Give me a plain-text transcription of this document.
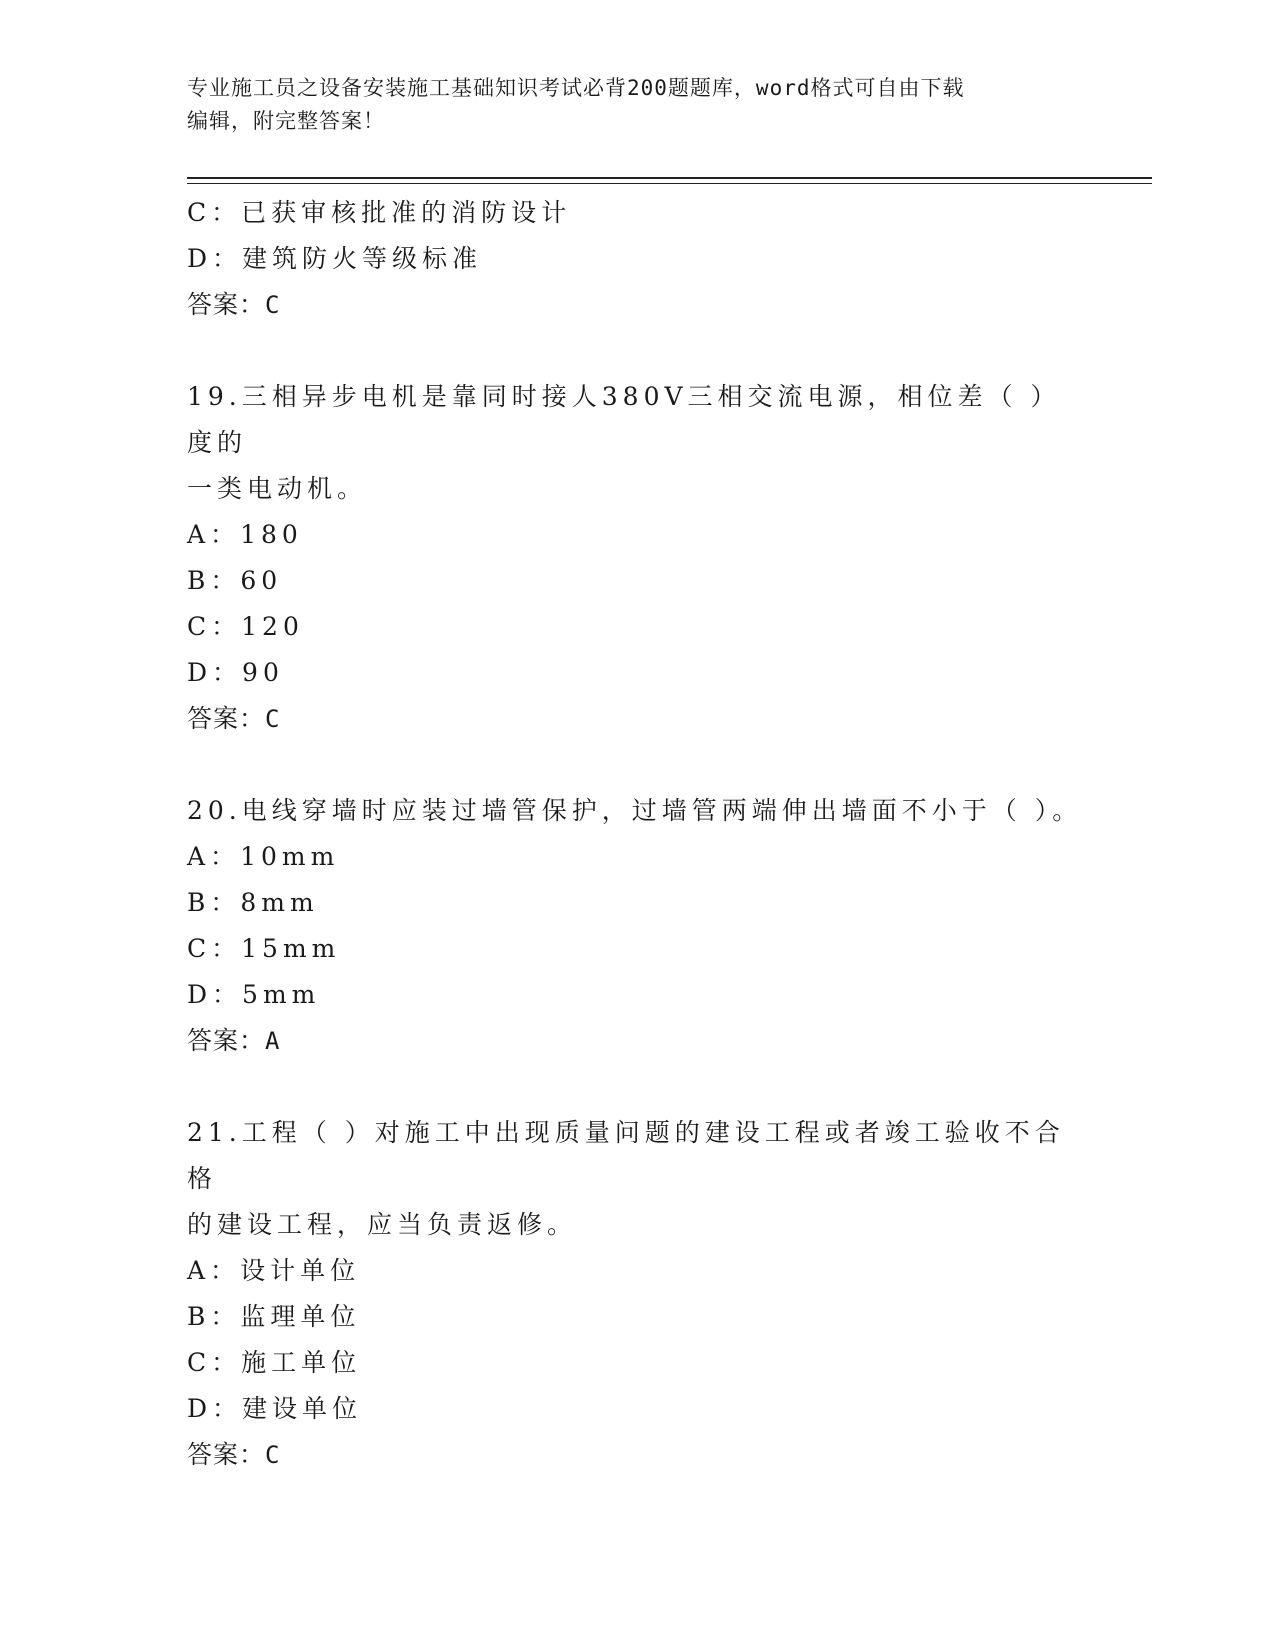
专业施工员之设备安装施工基础知识考试必背200题题库，word格式可自由下载
编辑，附完整答案！
C：已获审核批准的消防设计
D：建筑防火等级标准
答案：C
19.三相异步电机是靠同时接人380V三相交流电源，相位差（ ）度的
一类电动机。
A：180
B：60
C：120
D：90
答案：C
20.电线穿墙时应装过墙管保护，过墙管两端伸出墙面不小于（ ）。
A：10mm
B：8mm
C：15mm
D：5mm
答案：A
21.工程（ ）对施工中出现质量问题的建设工程或者竣工验收不合格
的建设工程，应当负责返修。
A：设计单位
B：监理单位
C：施工单位
D：建设单位
答案：C
